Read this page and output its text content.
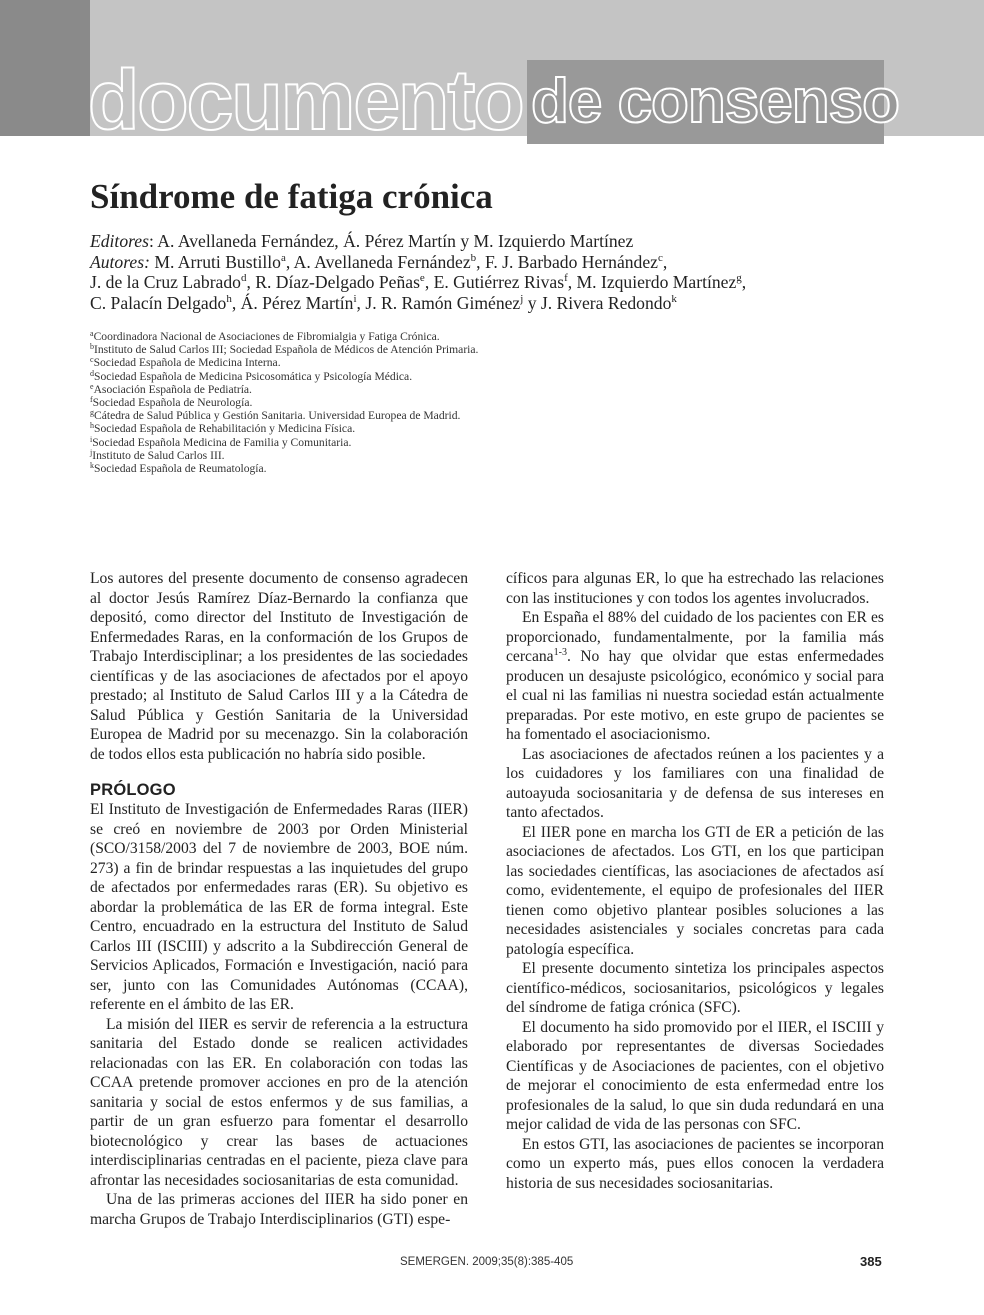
documento de consenso
Síndrome de fatiga crónica

Editores: A. Avellaneda Fernández, Á. Pérez Martín y M. Izquierdo Martínez

Autores: M. Arruti Bustillo$^a$, A. Avellaneda Fernández$^b$, F. J. Barbado Hernández$^c$,

J. de la Cruz Labrado$^d$, R. Díaz-Delgado Peñas$^e$, E. Gutiérrez Rivas$^f$, M. Izquierdo Martínez$^g$,

C. Palacín Delgado$^h$, Á. Pérez Martín$^i$, J. R. Ramón Giménez$^j$ y J. Rivera Redondo$^k$

$^a$Coordinadora Nacional de Asociaciones de Fibromialgia y Fatiga Crónica.
$^b$Instituto de Salud Carlos III; Sociedad Española de Médicos de Atención Primaria.
$^c$Sociedad Española de Medicina Interna.
$^d$Sociedad Española de Medicina Psicosomática y Psicología Médica.
$^e$Asociación Española de Pediatría.
$^f$Sociedad Española de Neurología.
$^g$Cátedra de Salud Pública y Gestión Sanitaria. Universidad Europea de Madrid.
$^h$Sociedad Española de Rehabilitación y Medicina Física.
$^i$Sociedad Española Medicina de Familia y Comunitaria.
$^j$Instituto de Salud Carlos III.
$^k$Sociedad Española de Reumatología.

Los autores del presente documento de consenso agradecen al doctor Jesús Ramírez Díaz-Bernardo la confianza que depositó, como director del Instituto de Investigación de Enfermedades Raras, en la conformación de los Grupos de Trabajo Interdisciplinar; a los presidentes de las sociedades científicas y de las asociaciones de afectados por el apoyo prestado; al Instituto de Salud Carlos III y a la Cátedra de Salud Pública y Gestión Sanitaria de la Universidad Europea de Madrid por su mecenazgo. Sin la colaboración de todos ellos esta publicación no habría sido posible.

PRÓLOGO

El Instituto de Investigación de Enfermedades Raras (IIER) se creó en noviembre de 2003 por Orden Ministerial (SCO/3158/2003 del 7 de noviembre de 2003, BOE núm. 273) a fin de brindar respuestas a las inquietudes del grupo de afectados por enfermedades raras (ER). Su objetivo es abordar la problemática de las ER de forma integral. Este Centro, encuadrado en la estructura del Instituto de Salud Carlos III (ISCIII) y adscrito a la Subdirección General de Servicios Aplicados, Formación e Investigación, nació para ser, junto con las Comunidades Autónomas (CCAA), referente en el ámbito de las ER.

La misión del IIER es servir de referencia a la estructura sanitaria del Estado donde se realicen actividades relacionadas con las ER. En colaboración con todas las CCAA pretende promover acciones en pro de la atención sanitaria y social de estos enfermos y de sus familias, a partir de un gran esfuerzo para fomentar el desarrollo biotecnológico y crear las bases de actuaciones interdisciplinarias centradas en el paciente, pieza clave para afrontar las necesidades sociosanitarias de esta comunidad.

Una de las primeras acciones del IIER ha sido poner en marcha Grupos de Trabajo Interdisciplinarios (GTI) espe-

cíficos para algunas ER, lo que ha estrechado las relaciones con las instituciones y con todos los agentes involucrados.

En España el 88% del cuidado de los pacientes con ER es proporcionado, fundamentalmente, por la familia más cercana$^{1-3}$. No hay que olvidar que estas enfermedades producen un desajuste psicológico, económico y social para el cual ni las familias ni nuestra sociedad están actualmente preparadas. Por este motivo, en este grupo de pacientes se ha fomentado el asociacionismo.

Las asociaciones de afectados reúnen a los pacientes y a los cuidadores y los familiares con una finalidad de autoayuda sociosanitaria y de defensa de sus intereses en tanto afectados.

El IIER pone en marcha los GTI de ER a petición de las asociaciones de afectados. Los GTI, en los que participan las sociedades científicas, las asociaciones de afectados así como, evidentemente, el equipo de profesionales del IIER tienen como objetivo plantear posibles soluciones a las necesidades asistenciales y sociales concretas para cada patología específica.

El presente documento sintetiza los principales aspectos científico-médicos, sociosanitarios, psicológicos y legales del síndrome de fatiga crónica (SFC).

El documento ha sido promovido por el IIER, el ISCIII y elaborado por representantes de diversas Sociedades Científicas y de Asociaciones de pacientes, con el objetivo de mejorar el conocimiento de esta enfermedad entre los profesionales de la salud, lo que sin duda redundará en una mejor calidad de vida de las personas con SFC.

En estos GTI, las asociaciones de pacientes se incorporan como un experto más, pues ellos conocen la verdadera historia de sus necesidades sociosanitarias.

SEMERGEN. 2009;35(8):385-405	385
